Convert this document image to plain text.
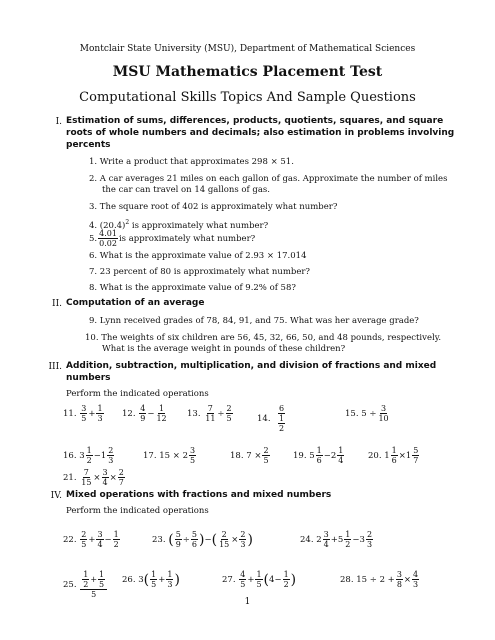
Montclair State University (MSU), Department of Mathematical Sciences
MSU Mathematics Placement Test
Computational Skills Topics And Sample Questions
I. Estimation of sums, differences, products, quotients, squares, and square
roots of whole numbers and decimals; also estimation in problems involving
percents
1. Write a product that approximates 298 × 51.
2. A car averages 21 miles on each gallon of gas. Approximate the number of miles
the car can travel on 14 gallons of gas.
3. The square root of 402 is approximately what number?
4. $(20.4)^2$ is approximately what number?
5. $\frac{4.01}{0.02}$ is approximately what number?
6. What is the approximate value of 2.93 × 17.014
7. 23 percent of 80 is approximately what number?
8. What is the approximate value of 9.2% of 58?
II. Computation of an average
9. Lynn received grades of 78, 84, 91, and 75. What was her average grade?
10. The weights of six children are 56, 45, 32, 66, 50, and 48 pounds, respectively.
What is the average weight in pounds of these children?
III. Addition, subtraction, multiplication, and division of fractions and mixed
numbers
Perform the indicated operations
11.
$\frac{3}{5} + \frac{1}{3} 12$.
$\frac{4}{9} - \frac{1}{12} 13$.
$\frac{7}{11} \div \frac{2}{5}$	14.
$\frac{6}{\frac{1}{2}}$	15.
$5 \div \frac{3}{10}$
16.
$3 \frac{1}{2} - 1 \frac{2}{3}$	17.
15 ×
$2 \frac{3}{5}$	18.
$7 \times \frac{2}{5}$	19.
$5 \frac{1}{6} - 2 \frac{1}{4}$	20.
$1 \frac{1}{6} \times 1 \frac{5}{7}$
21.
$\frac{7}{15} \times \frac{3}{4} \times \frac{2}{7}$
IV. Mixed operations with fractions and mixed numbers
Perform the indicated operations
22.
$\frac{2}{5} + \frac{3}{4} - \frac{1}{2}$	23.
( $\frac{5}{9} \div \frac{5}{6}$ ) − ( $\frac{2}{15} \times \frac{2}{3}$ )	24.
$2 \frac{3}{4} + 5 \frac{1}{2} - 3 \frac{2}{3}$
25.
$\frac{\frac{1}{2} + \frac{1}{5}}{5} 26$.
3 ( $\frac{1}{5} + \frac{1}{3}$ )	27.
$\frac{4}{5} + \frac{1}{5}$ ( $4 - \frac{1}{2}$ )	28.
$15 \div 2 + \frac{3}{8} \times \frac{4}{3}$
1
